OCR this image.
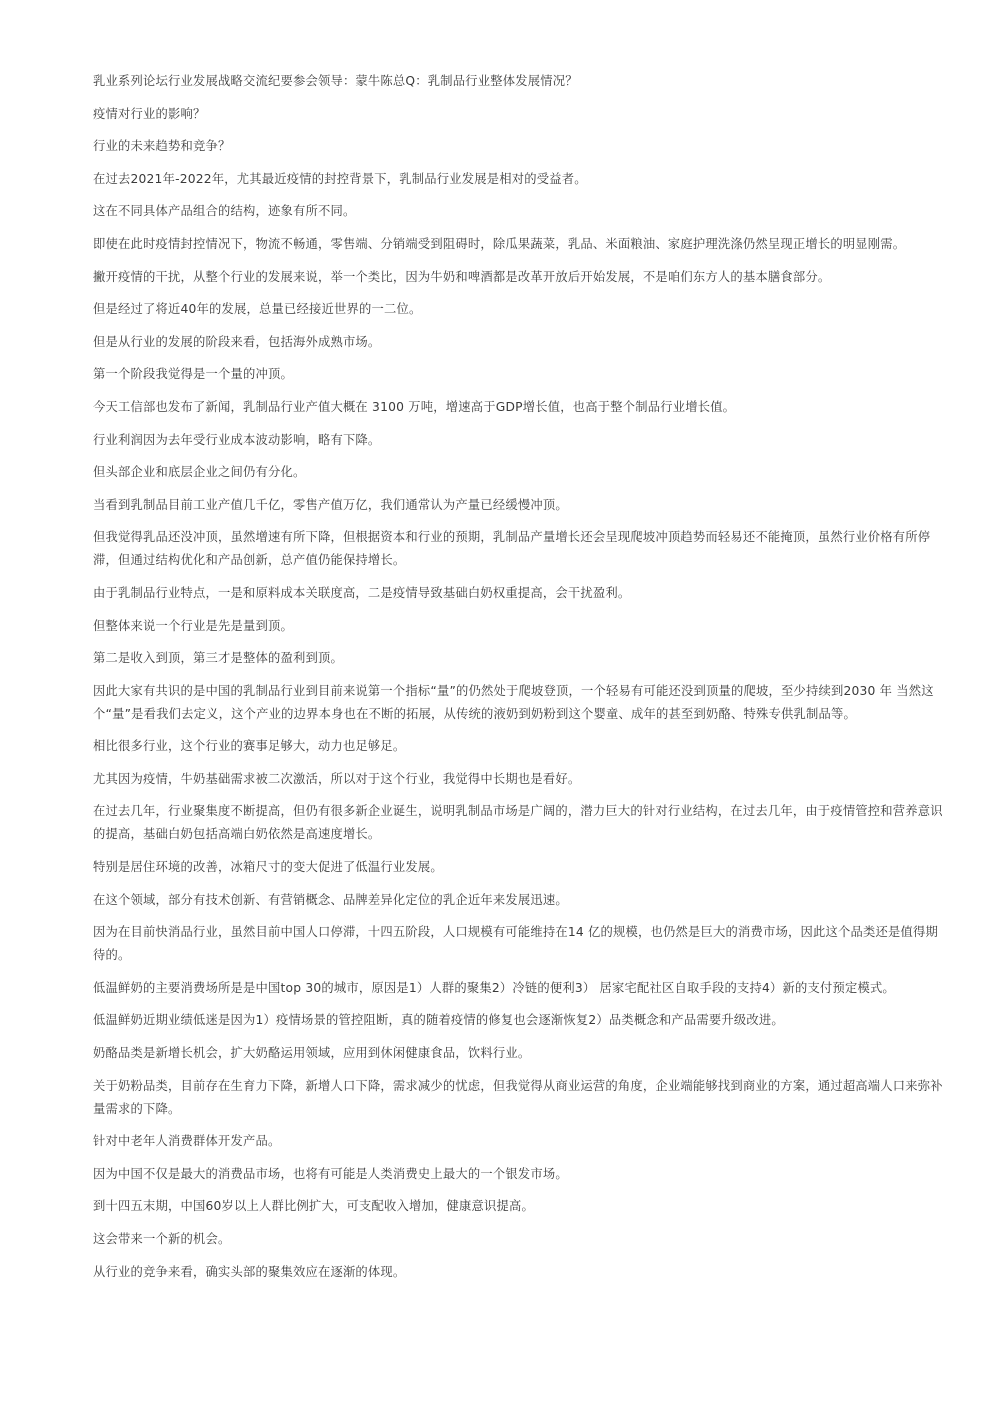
乳业系列论坛行业发展战略交流纪要参会领导：蒙牛陈总Q：乳制品行业整体发展情况？

疫情对行业的影响？

行业的未来趋势和竞争？

在过去2021年-2022年，尤其最近疫情的封控背景下，乳制品行业发展是相对的受益者。

这在不同具体产品组合的结构，迹象有所不同。

即使在此时疫情封控情况下，物流不畅通，零售端、分销端受到阻碍时，除瓜果蔬菜，乳品、米面粮油、家庭护理洗涤仍然呈现正增长的明显刚需。

撇开疫情的干扰，从整个行业的发展来说，举一个类比，因为牛奶和啤酒都是改革开放后开始发展，不是咱们东方人的基本膳食部分。

但是经过了将近40年的发展，总量已经接近世界的一二位。

但是从行业的发展的阶段来看，包括海外成熟市场。

第一个阶段我觉得是一个量的冲顶。

今天工信部也发布了新闻，乳制品行业产值大概在 3100 万吨，增速高于GDP增长值，也高于整个制品行业增长值。

行业利润因为去年受行业成本波动影响，略有下降。

但头部企业和底层企业之间仍有分化。

当看到乳制品目前工业产值几千亿，零售产值万亿，我们通常认为产量已经缓慢冲顶。

但我觉得乳品还没冲顶，虽然增速有所下降，但根据资本和行业的预期，乳制品产量增长还会呈现爬坡冲顶趋势而轻易还不能掩顶，虽然行业价格有所停滞，但通过结构优化和产品创新，总产值仍能保持增长。

由于乳制品行业特点，一是和原料成本关联度高，二是疫情导致基础白奶权重提高，会干扰盈利。

但整体来说一个行业是先是量到顶。

第二是收入到顶，第三才是整体的盈利到顶。

因此大家有共识的是中国的乳制品行业到目前来说第一个指标“量”的仍然处于爬坡登顶，一个轻易有可能还没到顶量的爬坡，至少持续到2030 年 当然这个“量”是看我们去定义，这个产业的边界本身也在不断的拓展，从传统的液奶到奶粉到这个婴童、成年的甚至到奶酪、特殊专供乳制品等。

相比很多行业，这个行业的赛事足够大，动力也足够足。

尤其因为疫情，牛奶基础需求被二次激活，所以对于这个行业，我觉得中长期也是看好。

在过去几年，行业聚集度不断提高，但仍有很多新企业诞生，说明乳制品市场是广阔的，潜力巨大的针对行业结构，在过去几年，由于疫情管控和营养意识的提高，基础白奶包括高端白奶依然是高速度增长。

特别是居住环境的改善，冰箱尺寸的变大促进了低温行业发展。

在这个领域，部分有技术创新、有营销概念、品牌差异化定位的乳企近年来发展迅速。

因为在目前快消品行业，虽然目前中国人口停滞，十四五阶段，人口规模有可能维持在14 亿的规模，也仍然是巨大的消费市场，因此这个品类还是值得期待的。

低温鲜奶的主要消费场所是是中国top 30的城市，原因是1）人群的聚集2）冷链的便利3） 居家宅配社区自取手段的支持4）新的支付预定模式。

低温鲜奶近期业绩低迷是因为1）疫情场景的管控阻断，真的随着疫情的修复也会逐渐恢复2）品类概念和产品需要升级改进。

奶酪品类是新增长机会，扩大奶酪运用领域，应用到休闲健康食品，饮料行业。

关于奶粉品类，目前存在生育力下降，新增人口下降，需求减少的忧虑，但我觉得从商业运营的角度，企业端能够找到商业的方案，通过超高端人口来弥补量需求的下降。

针对中老年人消费群体开发产品。

因为中国不仅是最大的消费品市场，也将有可能是人类消费史上最大的一个银发市场。

到十四五末期，中国60岁以上人群比例扩大，可支配收入增加，健康意识提高。

这会带来一个新的机会。

从行业的竞争来看，确实头部的聚集效应在逐渐的体现。
